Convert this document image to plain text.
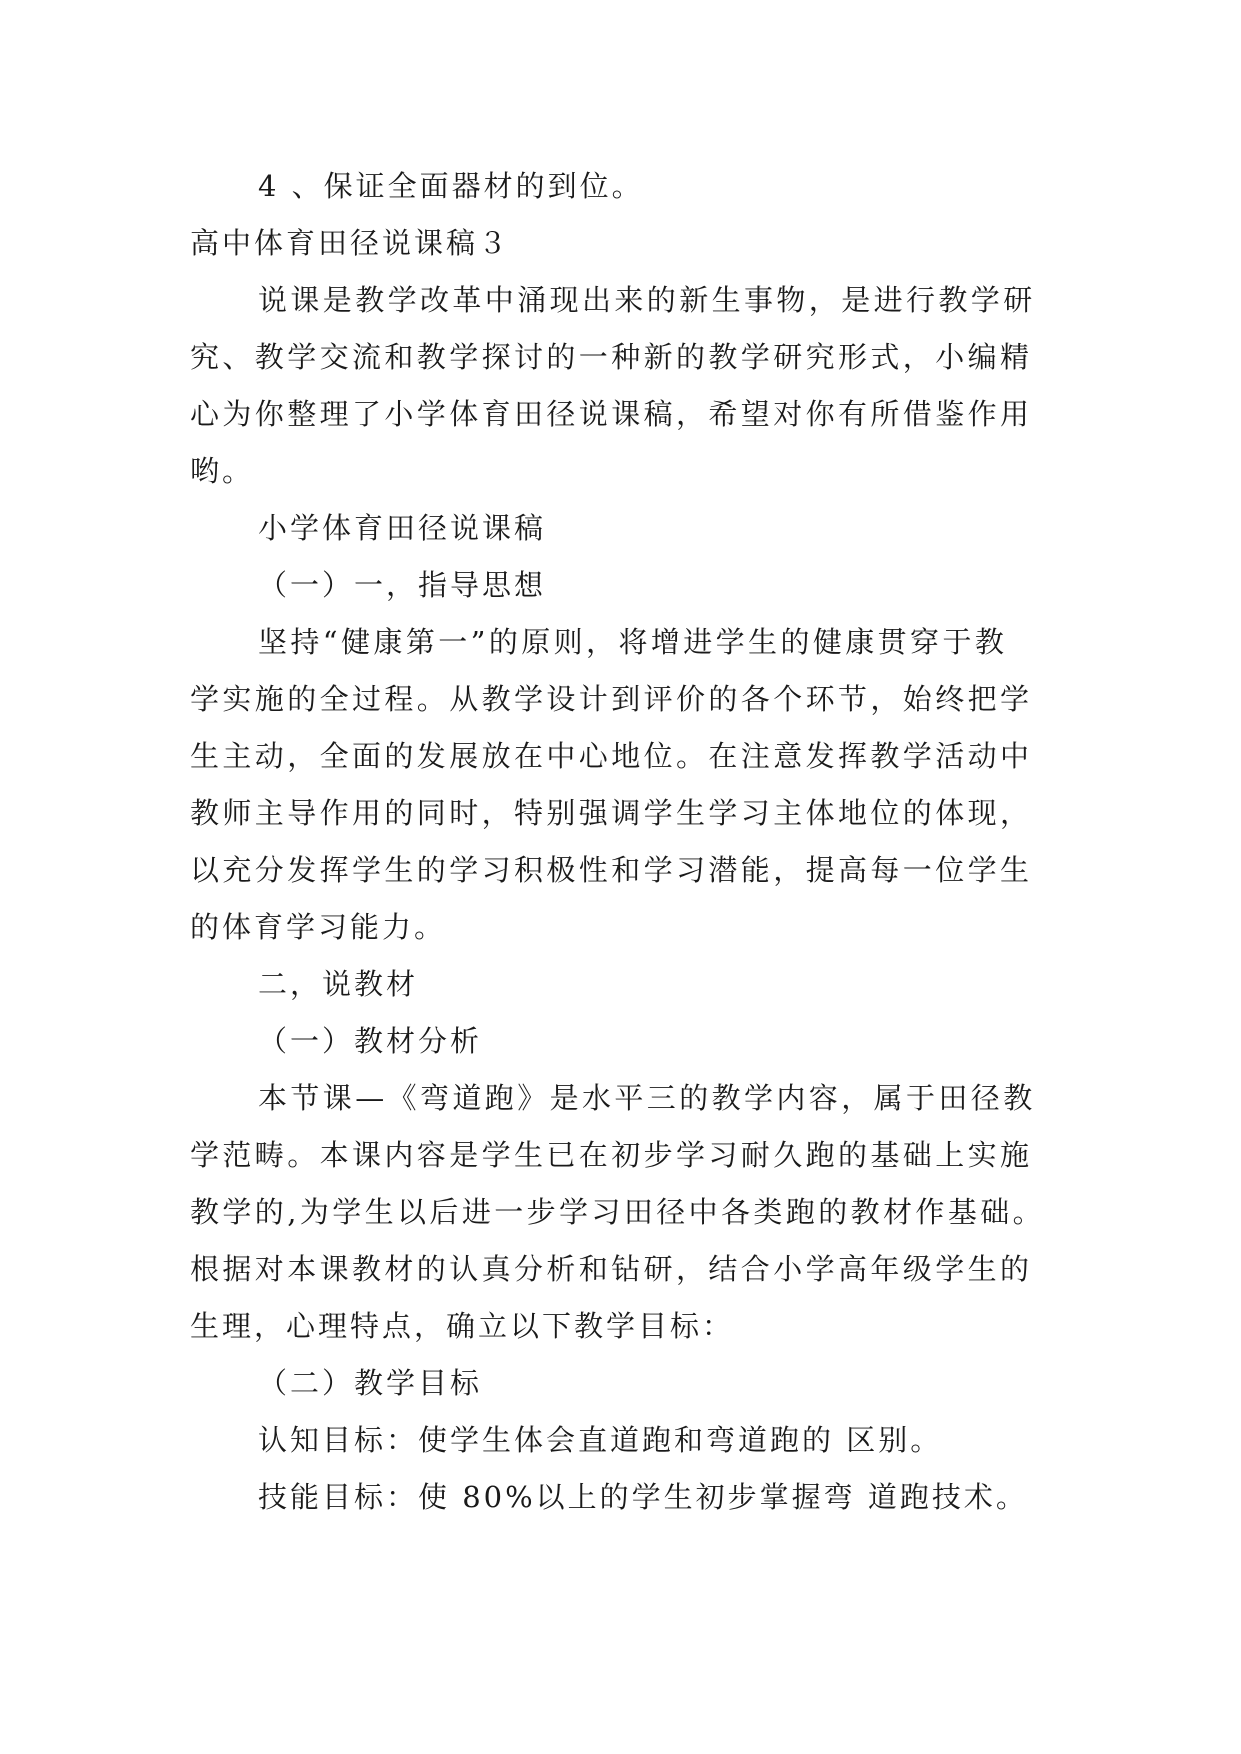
4 、保证全面器材的到位。

高中体育田径说课稿３

说课是教学改革中涌现出来的新生事物，是进行教学研

究、教学交流和教学探讨的一种新的教学研究形式，小编精

心为你整理了小学体育田径说课稿，希望对你有所借鉴作用

哟。

小学体育田径说课稿

（一）一，指导思想

坚持“健康第一”的原则，将增进学生的健康贯穿于教

学实施的全过程。从教学设计到评价的各个环节，始终把学

生主动，全面的发展放在中心地位。在注意发挥教学活动中

教师主导作用的同时，特别强调学生学习主体地位的体现，

以充分发挥学生的学习积极性和学习潜能，提高每一位学生

的体育学习能力。

二，说教材

（一）教材分析

本节课—《弯道跑》是水平三的教学内容，属于田径教

学范畴。本课内容是学生已在初步学习耐久跑的基础上实施

教学的,为学生以后进一步学习田径中各类跑的教材作基础。

根据对本课教材的认真分析和钻研，结合小学高年级学生的

生理，心理特点，确立以下教学目标：

（二）教学目标

认知目标：使学生体会直道跑和弯道跑的 区别。

技能目标：使 80%以上的学生初步掌握弯 道跑技术。
